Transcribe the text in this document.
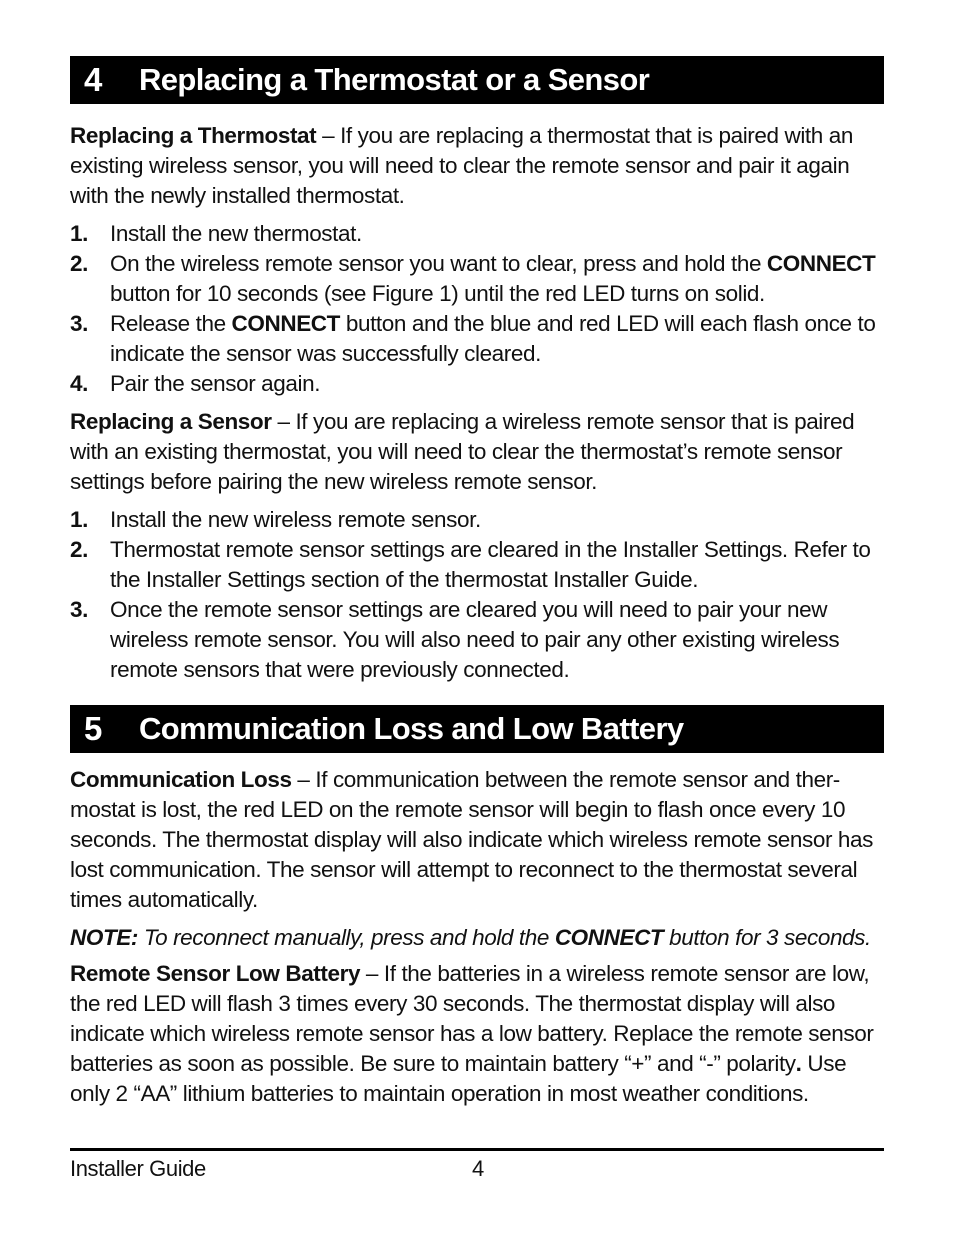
4	Replacing a Thermostat or a Sensor

Replacing a Thermostat – If you are replacing a thermostat that is paired with an existing wireless sensor, you will need to clear the remote sensor and pair it again with the newly installed thermostat.

1. Install the new thermostat.
2. On the wireless remote sensor you want to clear, press and hold the CONNECT button for 10 seconds (see Figure 1) until the red LED turns on solid.
3. Release the CONNECT button and the blue and red LED will each flash once to indicate the sensor was successfully cleared.
4. Pair the sensor again.

Replacing a Sensor – If you are replacing a wireless remote sensor that is paired with an existing thermostat, you will need to clear the thermostat’s remote sensor settings before pairing the new wireless remote sensor.

1. Install the new wireless remote sensor.
2. Thermostat remote sensor settings are cleared in the Installer Settings. Refer to the Installer Settings section of the thermostat Installer Guide.
3. Once the remote sensor settings are cleared you will need to pair your new wireless remote sensor. You will also need to pair any other existing wireless remote sensors that were previously connected.
5	Communication Loss and Low Battery

Communication Loss – If communication between the remote sensor and thermostat is lost, the red LED on the remote sensor will begin to flash once every 10 seconds. The thermostat display will also indicate which wireless remote sensor has lost communication. The sensor will attempt to reconnect to the thermostat several times automatically.

NOTE: To reconnect manually, press and hold the CONNECT button for 3 seconds.

Remote Sensor Low Battery – If the batteries in a wireless remote sensor are low, the red LED will flash 3 times every 30 seconds. The thermostat display will also indicate which wireless remote sensor has a low battery. Replace the remote sensor batteries as soon as possible. Be sure to maintain battery “+” and “-” polarity. Use only 2 “AA” lithium batteries to maintain operation in most weather conditions.

Installer Guide	4
